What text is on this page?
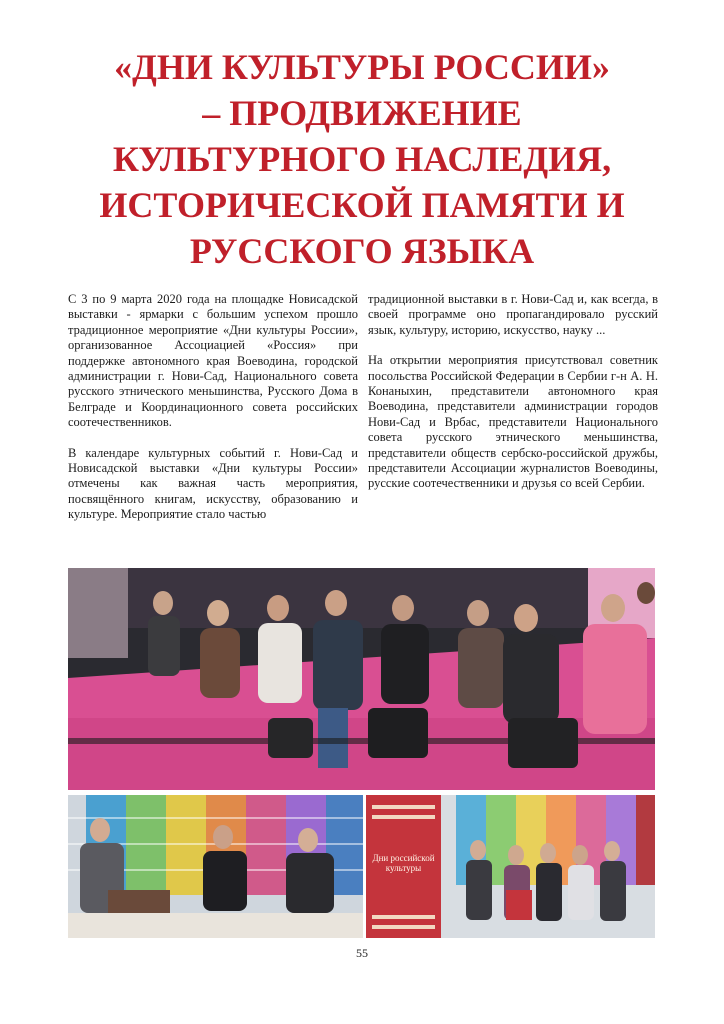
«ДНИ КУЛЬТУРЫ РОССИИ»
– ПРОДВИЖЕНИЕ
КУЛЬТУРНОГО НАСЛЕДИЯ,
ИСТОРИЧЕСКОЙ ПАМЯТИ И
РУССКОГО ЯЗЫКА

С 3 по 9 марта 2020 года на площадке Новисадской выставки - ярмарки с большим успехом прошло традиционное мероприятие «Дни культуры России», организованное Ассоциацией «Россия» при поддержке автономного края Воеводина, городской администрации г. Нови-Сад, Национального совета русского этнического меньшинства, Русского Дома в Белграде и Координационного совета российских соотечественников.

В календаре культурных событий г. Нови-Сад и Новисадской выставки «Дни культуры России» отмечены как важная часть мероприятия, посвящённого книгам, искусству, образованию и культуре. Мероприятие стало частью

традиционной выставки в г. Нови-Сад и, как всегда, в своей программе оно пропагандировало русский язык, культуру, историю, искусство, науку ...

На открытии мероприятия присутствовал советник посольства Российской Федерации в Сербии г-н А. Н. Конаныхин, представители автономного края Воеводина, представители администрации городов Нови-Сад и Врбас, представители Национального совета русского этнического меньшинства, представители обществ сербско-российской дружбы, представители Ассоциации журналистов Воеводины, русские соотечественники и друзья со всей Сербии.

Дни российской культуры
55
